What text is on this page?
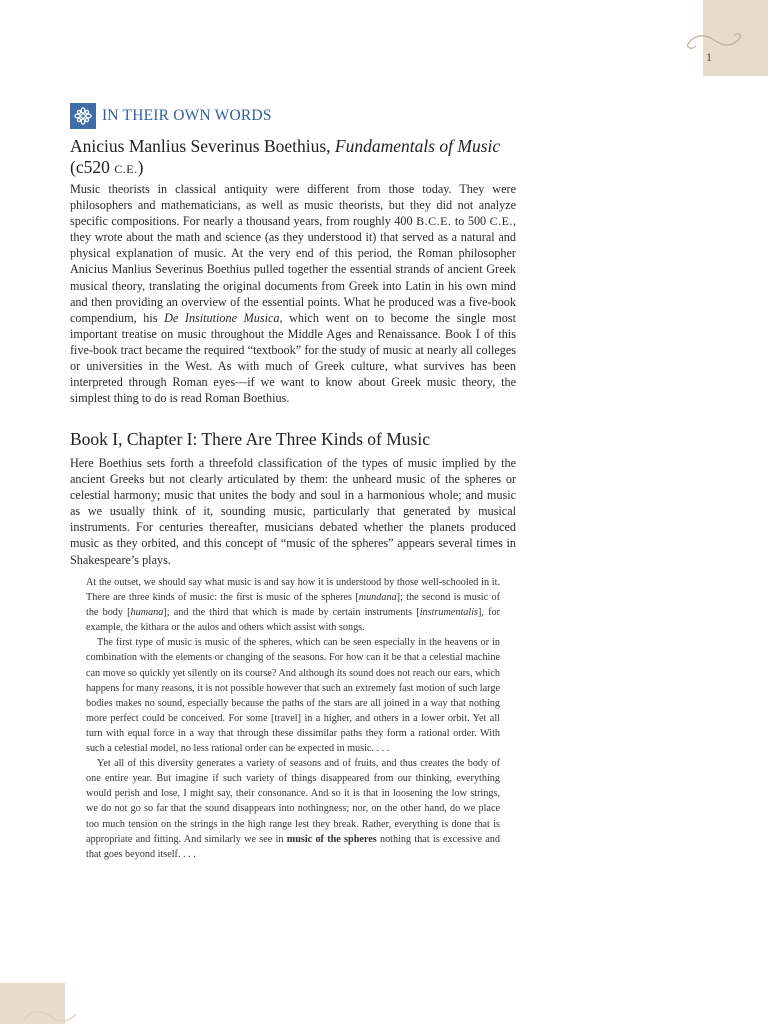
1
IN THEIR OWN WORDS
Anicius Manlius Severinus Boethius, Fundamentals of Music (c520 C.E.)

Music theorists in classical antiquity were different from those today. They were philosophers and mathematicians, as well as music theorists, but they did not analyze specific compositions. For nearly a thousand years, from roughly 400 B.C.E. to 500 C.E., they wrote about the math and science (as they understood it) that served as a natural and physical explanation of music. At the very end of this period, the Roman philosopher Anicius Manlius Severinus Boethius pulled together the essential strands of ancient Greek musical theory, translating the original documents from Greek into Latin in his own mind and then providing an overview of the essential points. What he produced was a five-book compendium, his De Insitutione Musica, which went on to become the single most important treatise on music throughout the Middle Ages and Renaissance. Book I of this five-book tract became the required “textbook” for the study of music at nearly all colleges or universities in the West. As with much of Greek culture, what survives has been interpreted through Roman eyes—if we want to know about Greek music theory, the simplest thing to do is read Roman Boethius.

Book I, Chapter I: There Are Three Kinds of Music

Here Boethius sets forth a threefold classification of the types of music implied by the ancient Greeks but not clearly articulated by them: the unheard music of the spheres or celestial harmony; music that unites the body and soul in a harmonious whole; and music as we usually think of it, sounding music, particularly that generated by musical instruments. For centuries thereafter, musicians debated whether the planets produced music as they orbited, and this concept of “music of the spheres” appears several times in Shakespeare’s plays.

At the outset, we should say what music is and say how it is understood by those well-schooled in it. There are three kinds of music: the first is music of the spheres [mundana]; the second is music of the body [humana]; and the third that which is made by certain instruments [instrumentalis], for example, the kithara or the aulos and others which assist with songs.
The first type of music is music of the spheres, which can be seen especially in the heavens or in combination with the elements or changing of the seasons. For how can it be that a celestial machine can move so quickly yet silently on its course? And although its sound does not reach our ears, which happens for many reasons, it is not possible however that such an extremely fast motion of such large bodies makes no sound, especially because the paths of the stars are all joined in a way that nothing more perfect could be conceived. For some [travel] in a higher, and others in a lower orbit. Yet all turn with equal force in a way that through these dissimilar paths they form a rational order. With such a celestial model, no less rational order can be expected in music. . . .
Yet all of this diversity generates a variety of seasons and of fruits, and thus creates the body of one entire year. But imagine if such variety of things disappeared from our thinking, everything would perish and lose, I might say, their consonance. And so it is that in loosening the low strings, we do not go so far that the sound disappears into nothingness; nor, on the other hand, do we place too much tension on the strings in the high range lest they break. Rather, everything is done that is appropriate and fitting. And similarly we see in music of the spheres nothing that is excessive and that goes beyond itself. . . .
